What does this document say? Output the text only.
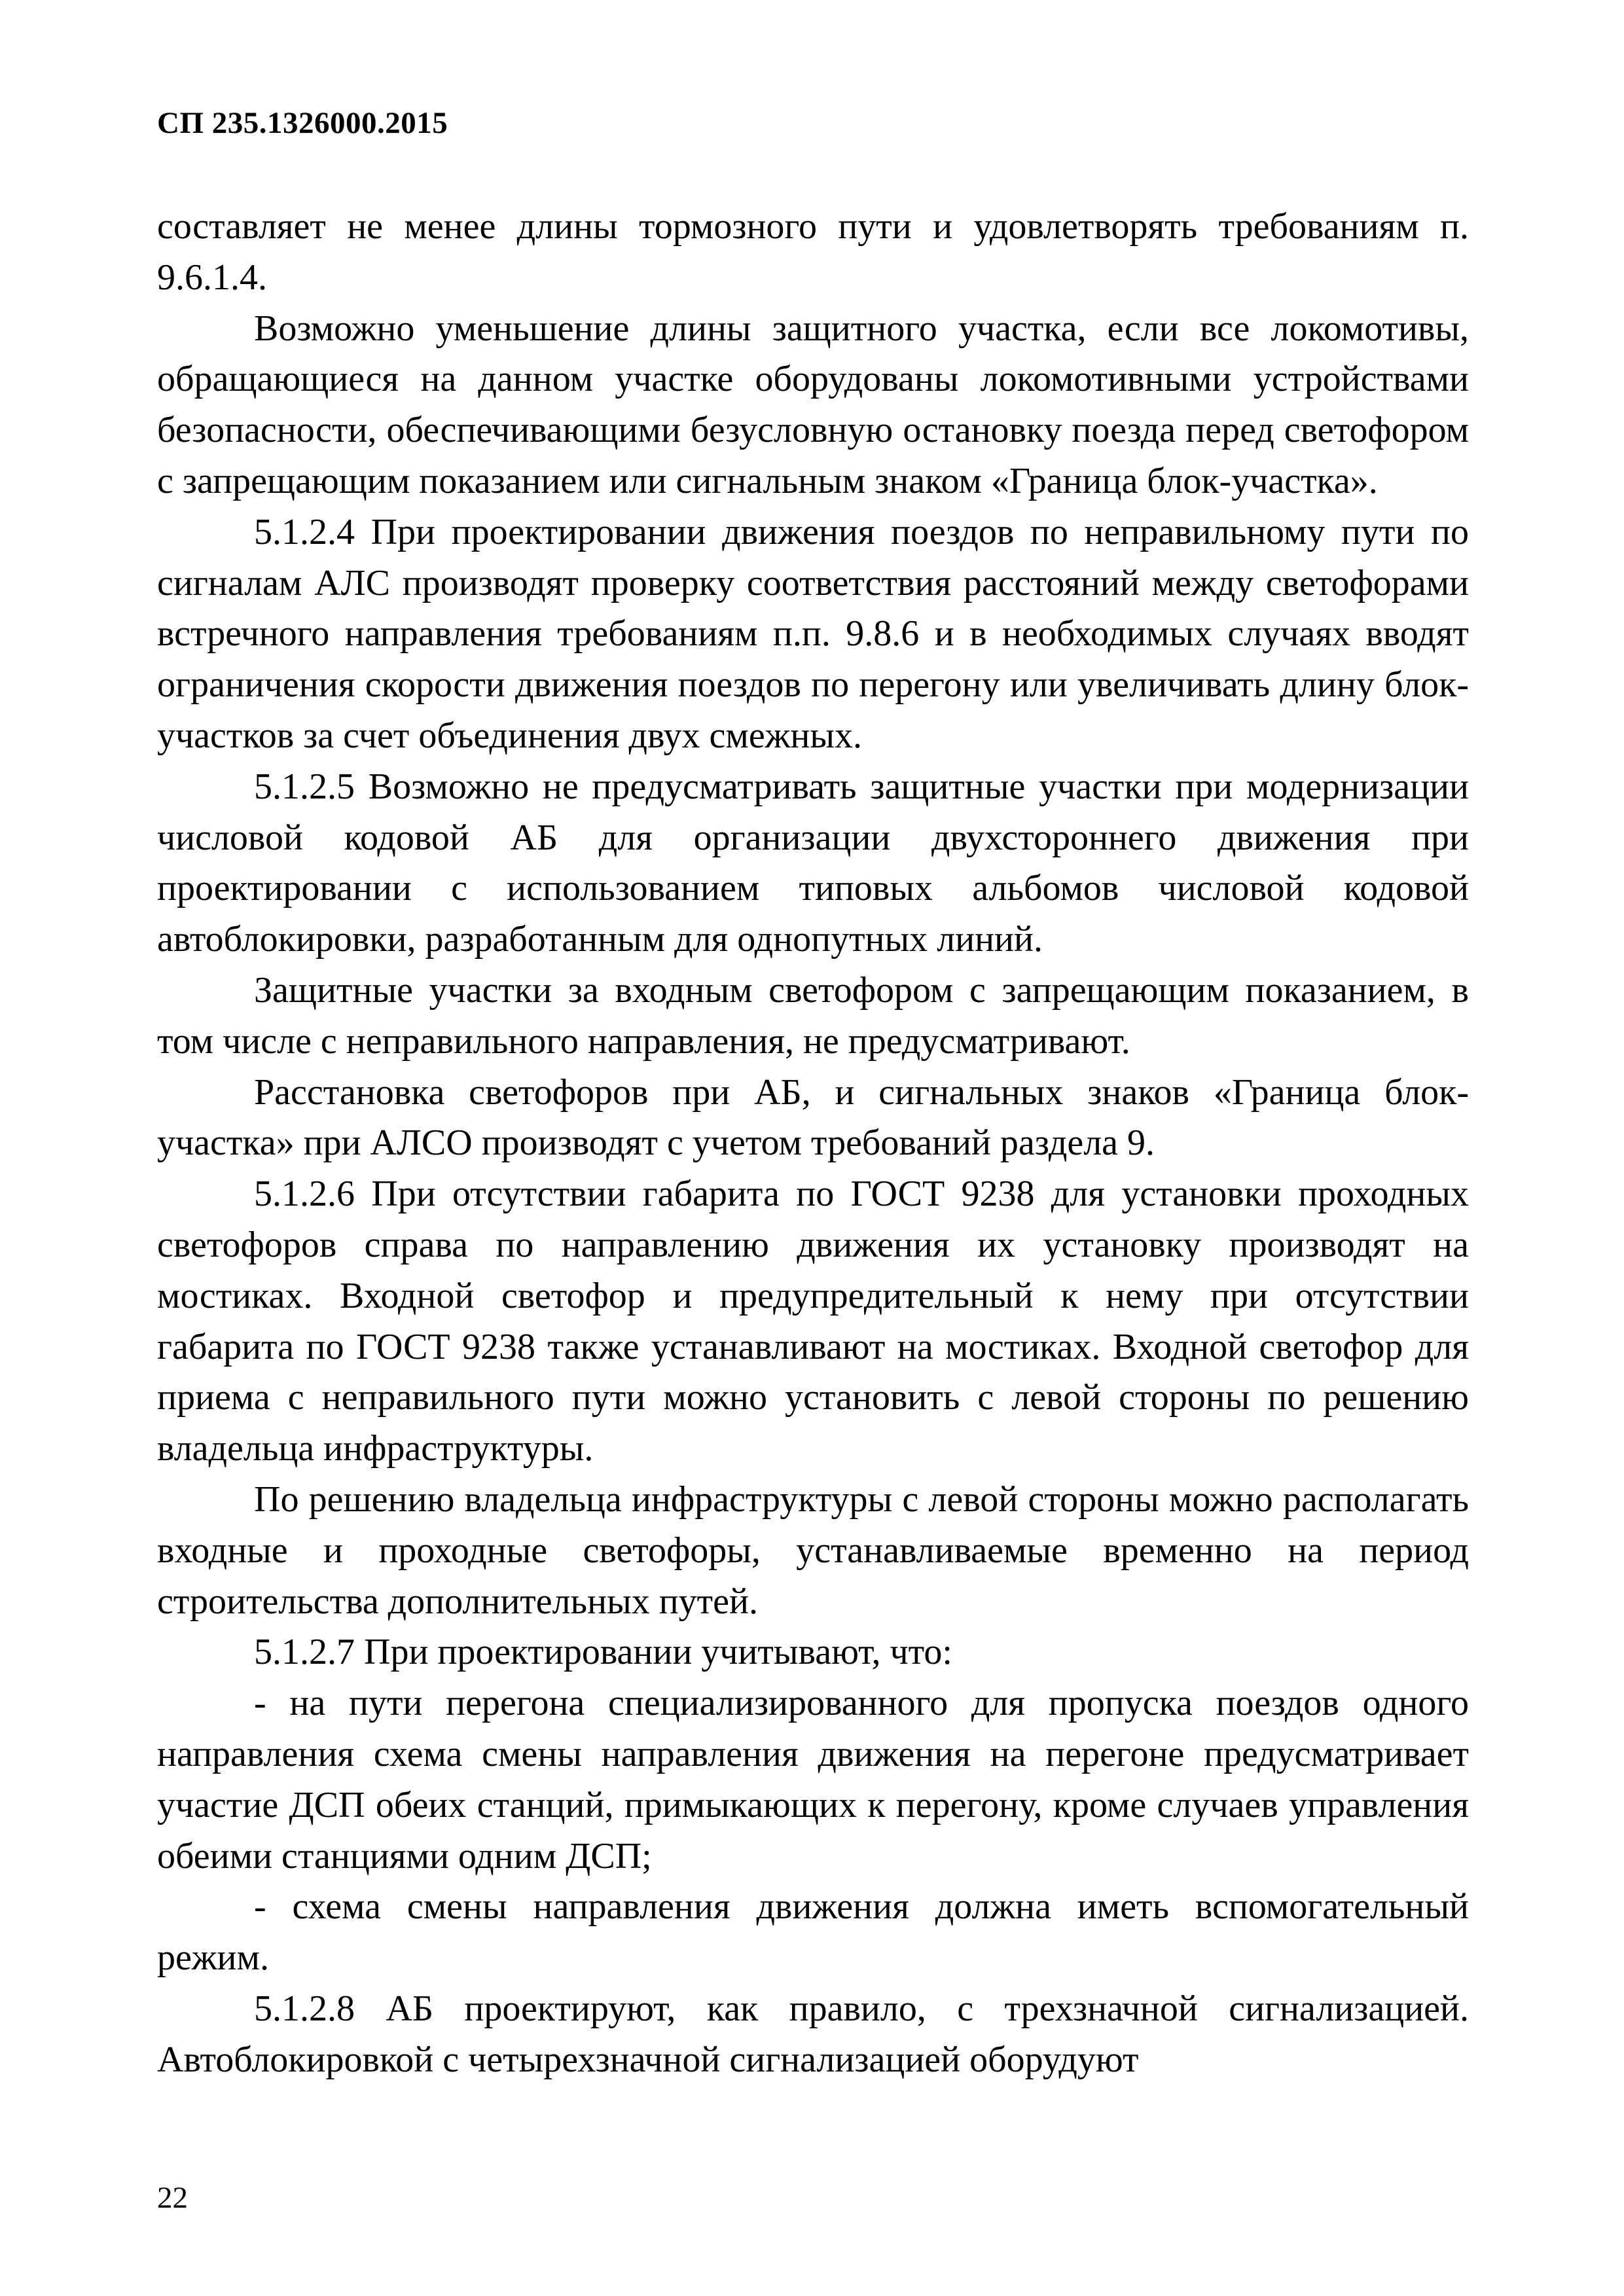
СП 235.1326000.2015

составляет не менее длины тормозного пути и удовлетворять требованиям п. 9.6.1.4.

Возможно уменьшение длины защитного участка, если все локомотивы, обращающиеся на данном участке оборудованы локомотивными устройствами безопасности, обеспечивающими безусловную остановку поезда перед светофором с запрещающим показанием или сигнальным знаком «Граница блок-участка».

5.1.2.4 При проектировании движения поездов по неправильному пути по сигналам АЛС производят проверку соответствия расстояний между светофорами встречного направления требованиям п.п. 9.8.6 и в необходимых случаях вводят ограничения скорости движения поездов по перегону или увеличивать длину блок-участков за счет объединения двух смежных.

5.1.2.5 Возможно не предусматривать защитные участки при модернизации числовой кодовой АБ для организации двухстороннего движения при проектировании с использованием типовых альбомов числовой кодовой автоблокировки, разработанным для однопутных линий.

Защитные участки за входным светофором с запрещающим показанием, в том числе с неправильного направления, не предусматривают.

Расстановка светофоров при АБ, и сигнальных знаков «Граница блок-участка» при АЛСО производят с учетом требований раздела 9.

5.1.2.6 При отсутствии габарита по ГОСТ 9238 для установки проходных светофоров справа по направлению движения их установку производят на мостиках. Входной светофор и предупредительный к нему при отсутствии габарита по ГОСТ 9238 также устанавливают на мостиках. Входной светофор для приема с неправильного пути можно установить с левой стороны по решению владельца инфраструктуры.

По решению владельца инфраструктуры с левой стороны можно располагать входные и проходные светофоры, устанавливаемые временно на период строительства дополнительных путей.

5.1.2.7 При проектировании учитывают, что:

- на пути перегона специализированного для пропуска поездов одного направления схема смены направления движения на перегоне предусматривает участие ДСП обеих станций, примыкающих к перегону, кроме случаев управления обеими станциями одним ДСП;

- схема смены направления движения должна иметь вспомогательный режим.

5.1.2.8 АБ проектируют, как правило, с трехзначной сигнализацией. Автоблокировкой с четырехзначной сигнализацией оборудуют

22
